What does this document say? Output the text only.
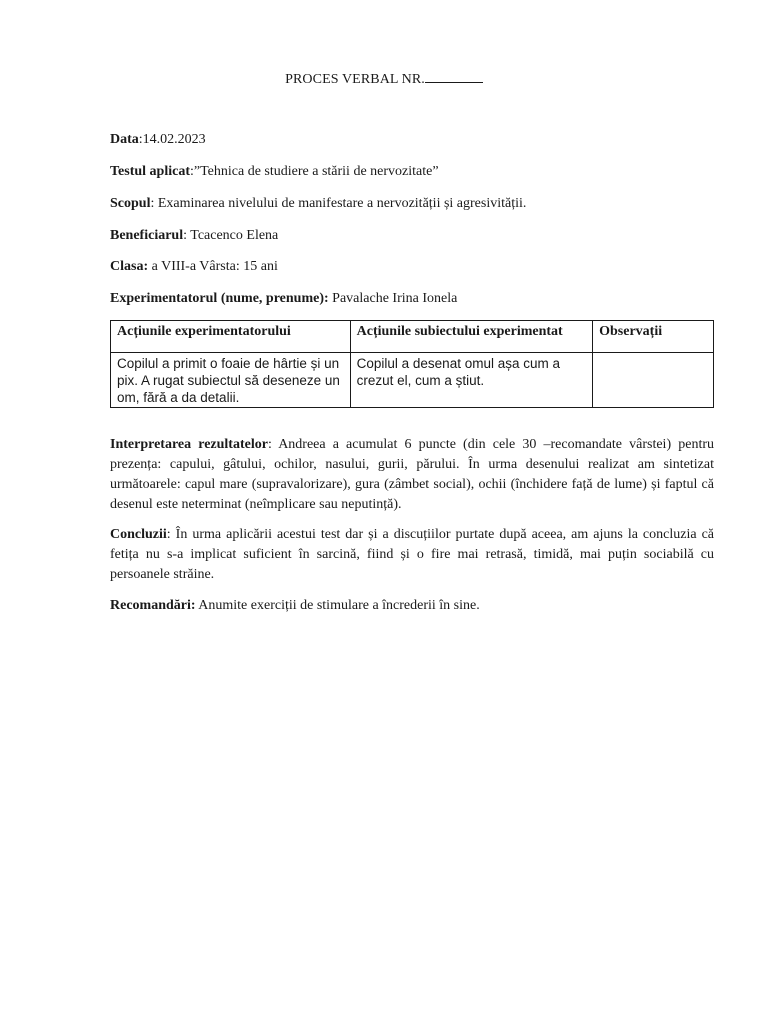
PROCES VERBAL NR.
Data:14.02.2023
Testul aplicat:”Tehnica de studiere a stării de nervozitate”
Scopul: Examinarea nivelului de manifestare a nervozității și agresivității.
Beneficiarul: Tcacenco Elena
Clasa: a VIII-a Vârsta: 15 ani
Experimentatorul (nume, prenume): Pavalache Irina Ionela
Acțiunile experimentatorului	Acțiunile subiectului experimentat	Observații
Copilul a primit o foaie de hârtie și un pix. A rugat subiectul să deseneze un om, fără a da detalii.	Copilul a desenat omul așa cum a crezut el, cum a știut.	
Interpretarea rezultatelor: Andreea a acumulat 6 puncte (din cele 30 –recomandate vârstei) pentru prezența: capului, gâtului, ochilor, nasului, gurii, părului. În urma desenului realizat am sintetizat următoarele: capul mare (supravalorizare), gura (zâmbet social), ochii (închidere față de lume) și faptul că desenul este neterminat (neîmplicare sau neputință).
Concluzii: În urma aplicării acestui test dar și a discuțiilor purtate după aceea, am ajuns la concluzia că fetița nu s-a implicat suficient în sarcină, fiind și o fire mai retrasă, timidă, mai puțin sociabilă cu persoanele străine.
Recomandări: Anumite exerciții de stimulare a încrederii în sine.
